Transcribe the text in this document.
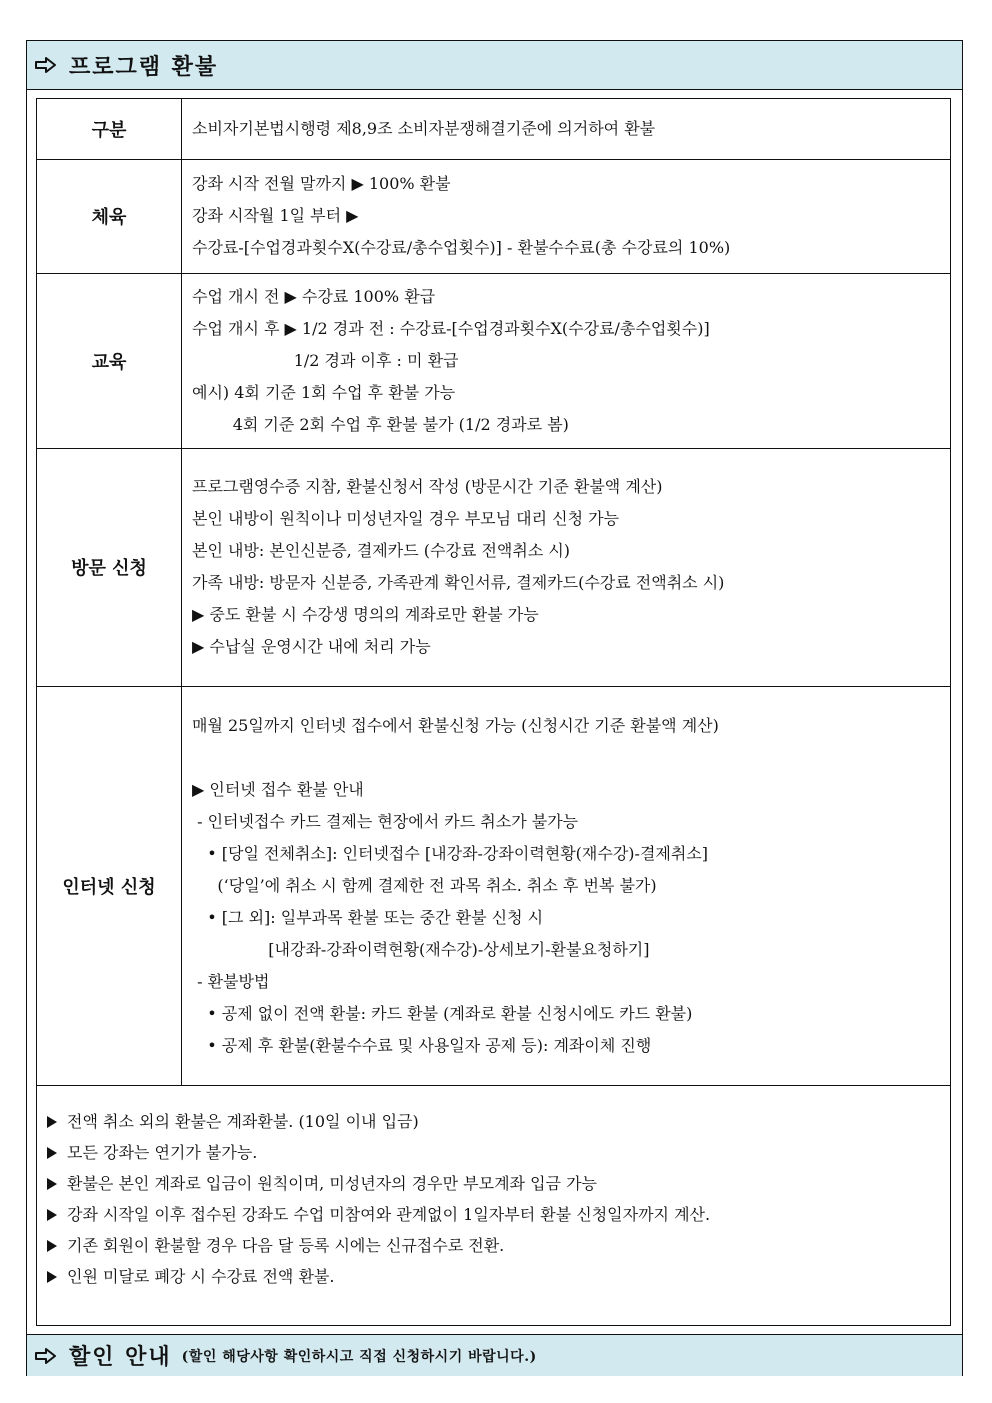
프로그램 환불
구분	소비자기본법시행령 제8,9조 소비자분쟁해결기준에 의거하여 환불

체육	강좌 시작 전월 말까지 ▶ 100% 환불
강좌 시작월 1일 부터 ▶
수강료-[수업경과횟수X(수강료/총수업횟수)] - 환불수수료(총 수강료의 10%)

교육	수업 개시 전 ▶ 수강료 100% 환급
수업 개시 후 ▶ 1/2 경과 전 : 수강료-[수업경과횟수X(수강료/총수업횟수)]
1/2 경과 이후 : 미 환급
예시) 4회 기준 1회 수업 후 환불 가능
4회 기준 2회 수업 후 환불 불가 (1/2 경과로 봄)

방문 신청	
프로그램영수증 지참, 환불신청서 작성 (방문시간 기준 환불액 계산)
본인 내방이 원칙이나 미성년자일 경우 부모님 대리 신청 가능
본인 내방: 본인신분증, 결제카드 (수강료 전액취소 시)
가족 내방: 방문자 신분증, 가족관계 확인서류, 결제카드(수강료 전액취소 시)
▶ 중도 환불 시 수강생 명의의 계좌로만 환불 가능
▶ 수납실 운영시간 내에 처리 가능

인터넷 신청	
매월 25일까지 인터넷 접수에서 환불신청 가능 (신청시간 기준 환불액 계산)

▶ 인터넷 접수 환불 안내
- 인터넷접수 카드 결제는 현장에서 카드 취소가 불가능
• [당일 전체취소]: 인터넷접수 [내강좌-강좌이력현황(재수강)-결제취소]
(‘당일’에 취소 시 함께 결제한 전 과목 취소. 취소 후 번복 불가)
• [그 외]: 일부과목 환불 또는 중간 환불 신청 시
[내강좌-강좌이력현황(재수강)-상세보기-환불요청하기]
- 환불방법
• 공제 없이 전액 환불: 카드 환불 (계좌로 환불 신청시에도 카드 환불)
• 공제 후 환불(환불수수료 및 사용일자 공제 등): 계좌이체 진행
전액 취소 외의 환불은 계좌환불. (10일 이내 입금)
모든 강좌는 연기가 불가능.
환불은 본인 계좌로 입금이 원칙이며, 미성년자의 경우만 부모계좌 입금 가능
강좌 시작일 이후 접수된 강좌도 수업 미참여와 관계없이 1일자부터 환불 신청일자까지 계산.
기존 회원이 환불할 경우 다음 달 등록 시에는 신규접수로 전환.
인원 미달로 폐강 시 수강료 전액 환불.
할인 안내 (할인 해당사항 확인하시고 직접 신청하시기 바랍니다.)
